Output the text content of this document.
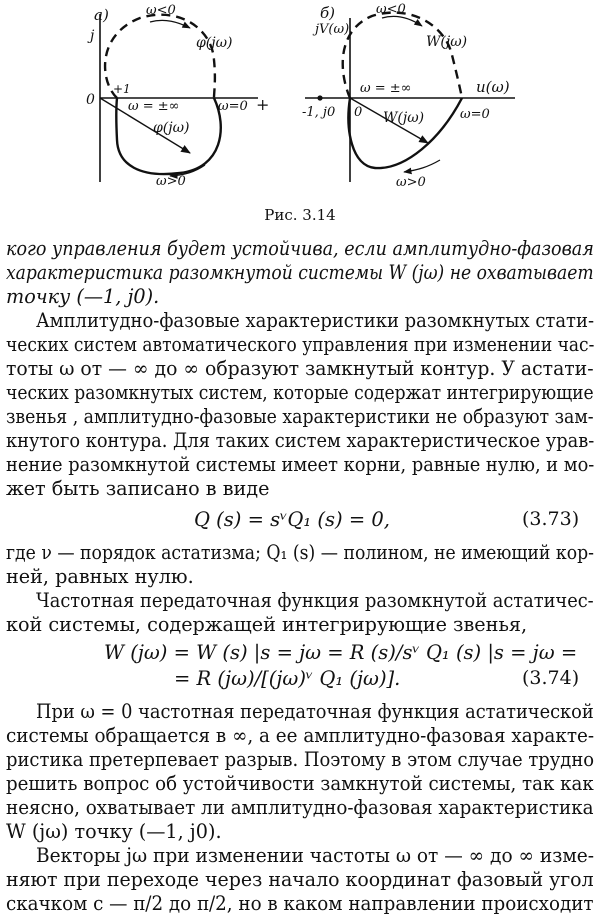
а)
j
0
+1
+
ω<0
φ(jω)
ω = ±∞	ω=0
φ(jω)
ω>0
б)
jV(ω)
u(ω)
ω<0
W(jω)
ω = ±∞
-1, j0 0 W(jω)	ω=0
ω>0
Рис. 3.14
кого управления будет устойчива, если амплитудно-фазовая
характеристика разомкнутой системы W (jω) не охватывает
точку (—1, j0).
Амплитудно-фазовые характеристики разомкнутых стати-
ческих систем автоматического управления при изменении час-
тоты ω от — ∞ до ∞ образуют замкнутый контур. У астати-
ческих разомкнутых систем, которые содержат интегрирующие
звенья , амплитудно-фазовые характеристики не образуют зам-
кнутого контура. Для таких систем характеристическое урав-
нение разомкнутой системы имеет корни, равные нулю, и мо-
жет быть записано в виде
Q (s) = sᵛQ₁ (s) = 0,	(3.73)
где ν — порядок астатизма; Q₁ (s) — полином, не имеющий кор-
ней, равных нулю.
Частотная передаточная функция разомкнутой астатичес-
кой системы, содержащей интегрирующие звенья,
W (jω) = W (s) |s = jω = R (s)/sᵛ Q₁ (s) |s = jω =
= R (jω)/[(jω)ᵛ Q₁ (jω)].	(3.74)
При ω = 0 частотная передаточная функция астатической
системы обращается в ∞, а ее амплитудно-фазовая характе-
ристика претерпевает разрыв. Поэтому в этом случае трудно
решить вопрос об устойчивости замкнутой системы, так как
неясно, охватывает ли амплитудно-фазовая характеристика
W (jω) точку (—1, j0).
Векторы jω при изменении частоты ω от — ∞ до ∞ изме-
няют при переходе через начало координат фазовый угол
скачком с — π/2 до π/2, но в каком направлении происходит
